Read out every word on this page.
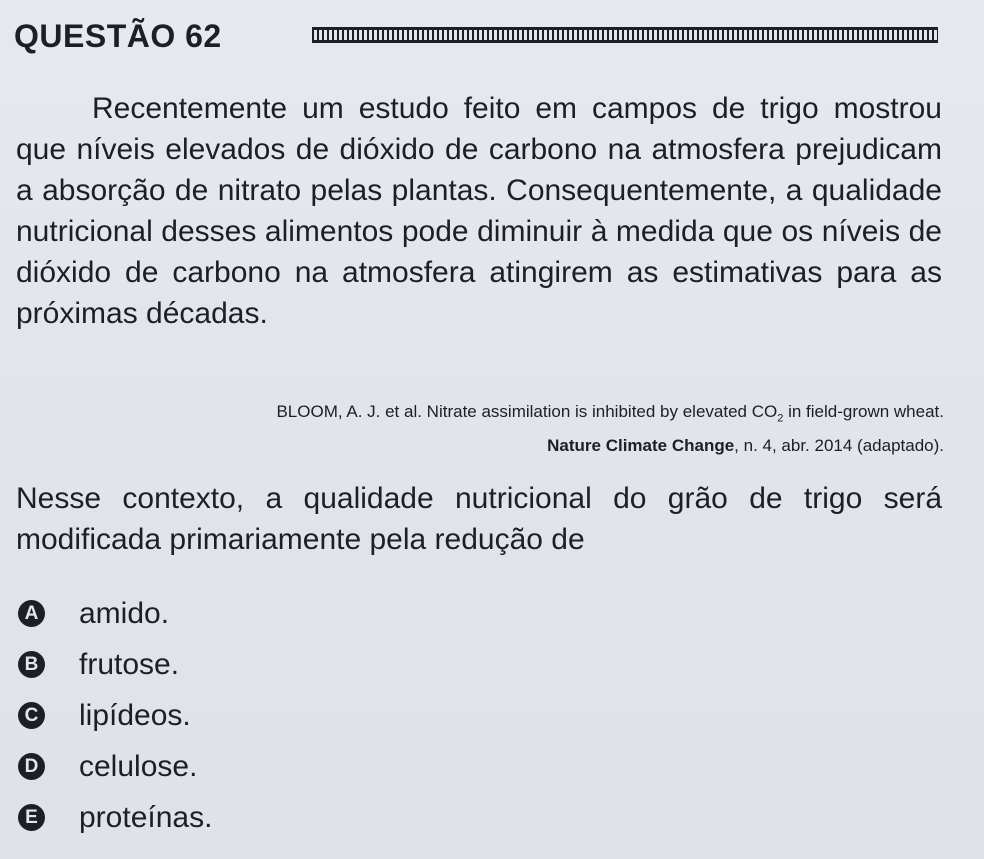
QUESTÃO 62
Recentemente um estudo feito em campos de trigo mostrou que níveis elevados de dióxido de carbono na atmosfera prejudicam a absorção de nitrato pelas plantas. Consequentemente, a qualidade nutricional desses alimentos pode diminuir à medida que os níveis de dióxido de carbono na atmosfera atingirem as estimativas para as próximas décadas.
BLOOM, A. J. et al. Nitrate assimilation is inhibited by elevated $CO_2$ in field-grown wheat.
Nature Climate Change, n. 4, abr. 2014 (adaptado).
Nesse contexto, a qualidade nutricional do grão de trigo será modificada primariamente pela redução de
A amido.
B frutose.
C lipídeos.
D celulose.
E proteínas.
